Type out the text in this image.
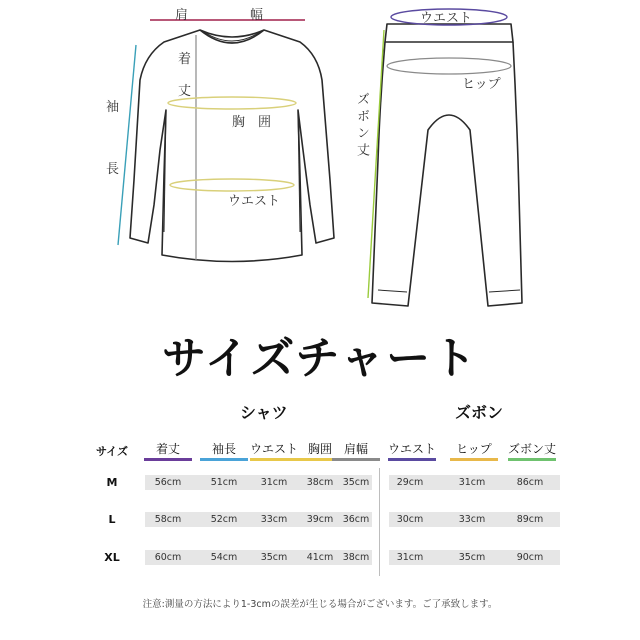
肩	幅
着
丈
袖
長
胸　囲
ウエスト
ウエスト
ヒップ
ズボン丈
サイズチャート
シャツ	ズボン
サイズ	着丈	袖長	ウエスト 胸囲 肩幅	ウエスト	ヒップ	ズボン丈
M	56cm	51cm	31cm	38cm 35cm	29cm	31cm	86cm
L	58cm	52cm	33cm	39cm 36cm	30cm	33cm	89cm
XL	60cm	54cm	35cm	41cm 38cm	31cm	35cm	90cm
注意:測量の方法により1-3cmの誤差が生じる場合がございます。ご了承致します。
